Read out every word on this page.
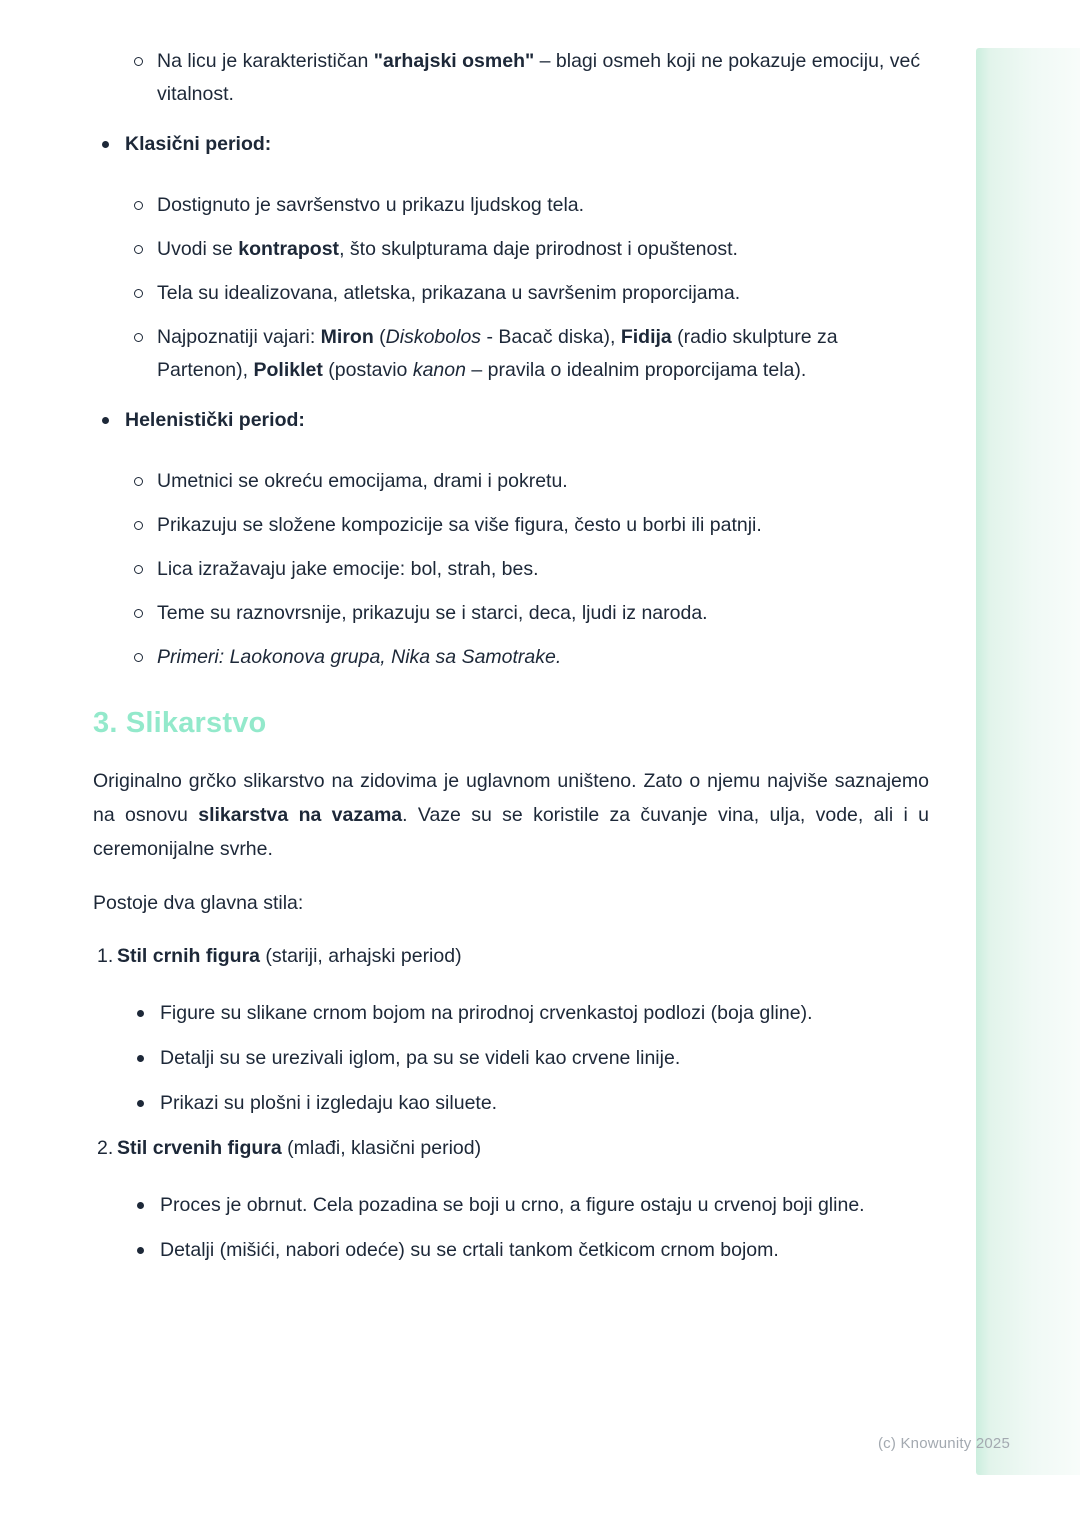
Na licu je karakterističan "arhajski osmeh" – blagi osmeh koji ne pokazuje emociju, već vitalnost.
Klasični period:
Dostignuto je savršenstvo u prikazu ljudskog tela.
Uvodi se kontrapost, što skulpturama daje prirodnost i opuštenost.
Tela su idealizovana, atletska, prikazana u savršenim proporcijama.
Najpoznatiji vajari: Miron (Diskobolos - Bacač diska), Fidija (radio skulpture za Partenon), Poliklet (postavio kanon – pravila o idealnim proporcijama tela).
Helenistički period:
Umetnici se okreću emocijama, drami i pokretu.
Prikazuju se složene kompozicije sa više figura, često u borbi ili patnji.
Lica izražavaju jake emocije: bol, strah, bes.
Teme su raznovrsnije, prikazuju se i starci, deca, ljudi iz naroda.
Primeri: Laokonova grupa, Nika sa Samotrake.
3. Slikarstvo

Originalno grčko slikarstvo na zidovima je uglavnom uništeno. Zato o njemu najviše saznajemo na osnovu slikarstva na vazama. Vaze su se koristile za čuvanje vina, ulja, vode, ali i u ceremonijalne svrhe.

Postoje dva glavna stila:

1. Stil crnih figura (stariji, arhajski period)
Figure su slikane crnom bojom na prirodnoj crvenkastoj podlozi (boja gline).
Detalji su se urezivali iglom, pa su se videli kao crvene linije.
Prikazi su plošni i izgledaju kao siluete.
2. Stil crvenih figura (mlađi, klasični period)
Proces je obrnut. Cela pozadina se boji u crno, a figure ostaju u crvenoj boji gline.
Detalji (mišići, nabori odeće) su se crtali tankom četkicom crnom bojom.
(c) Knowunity 2025
